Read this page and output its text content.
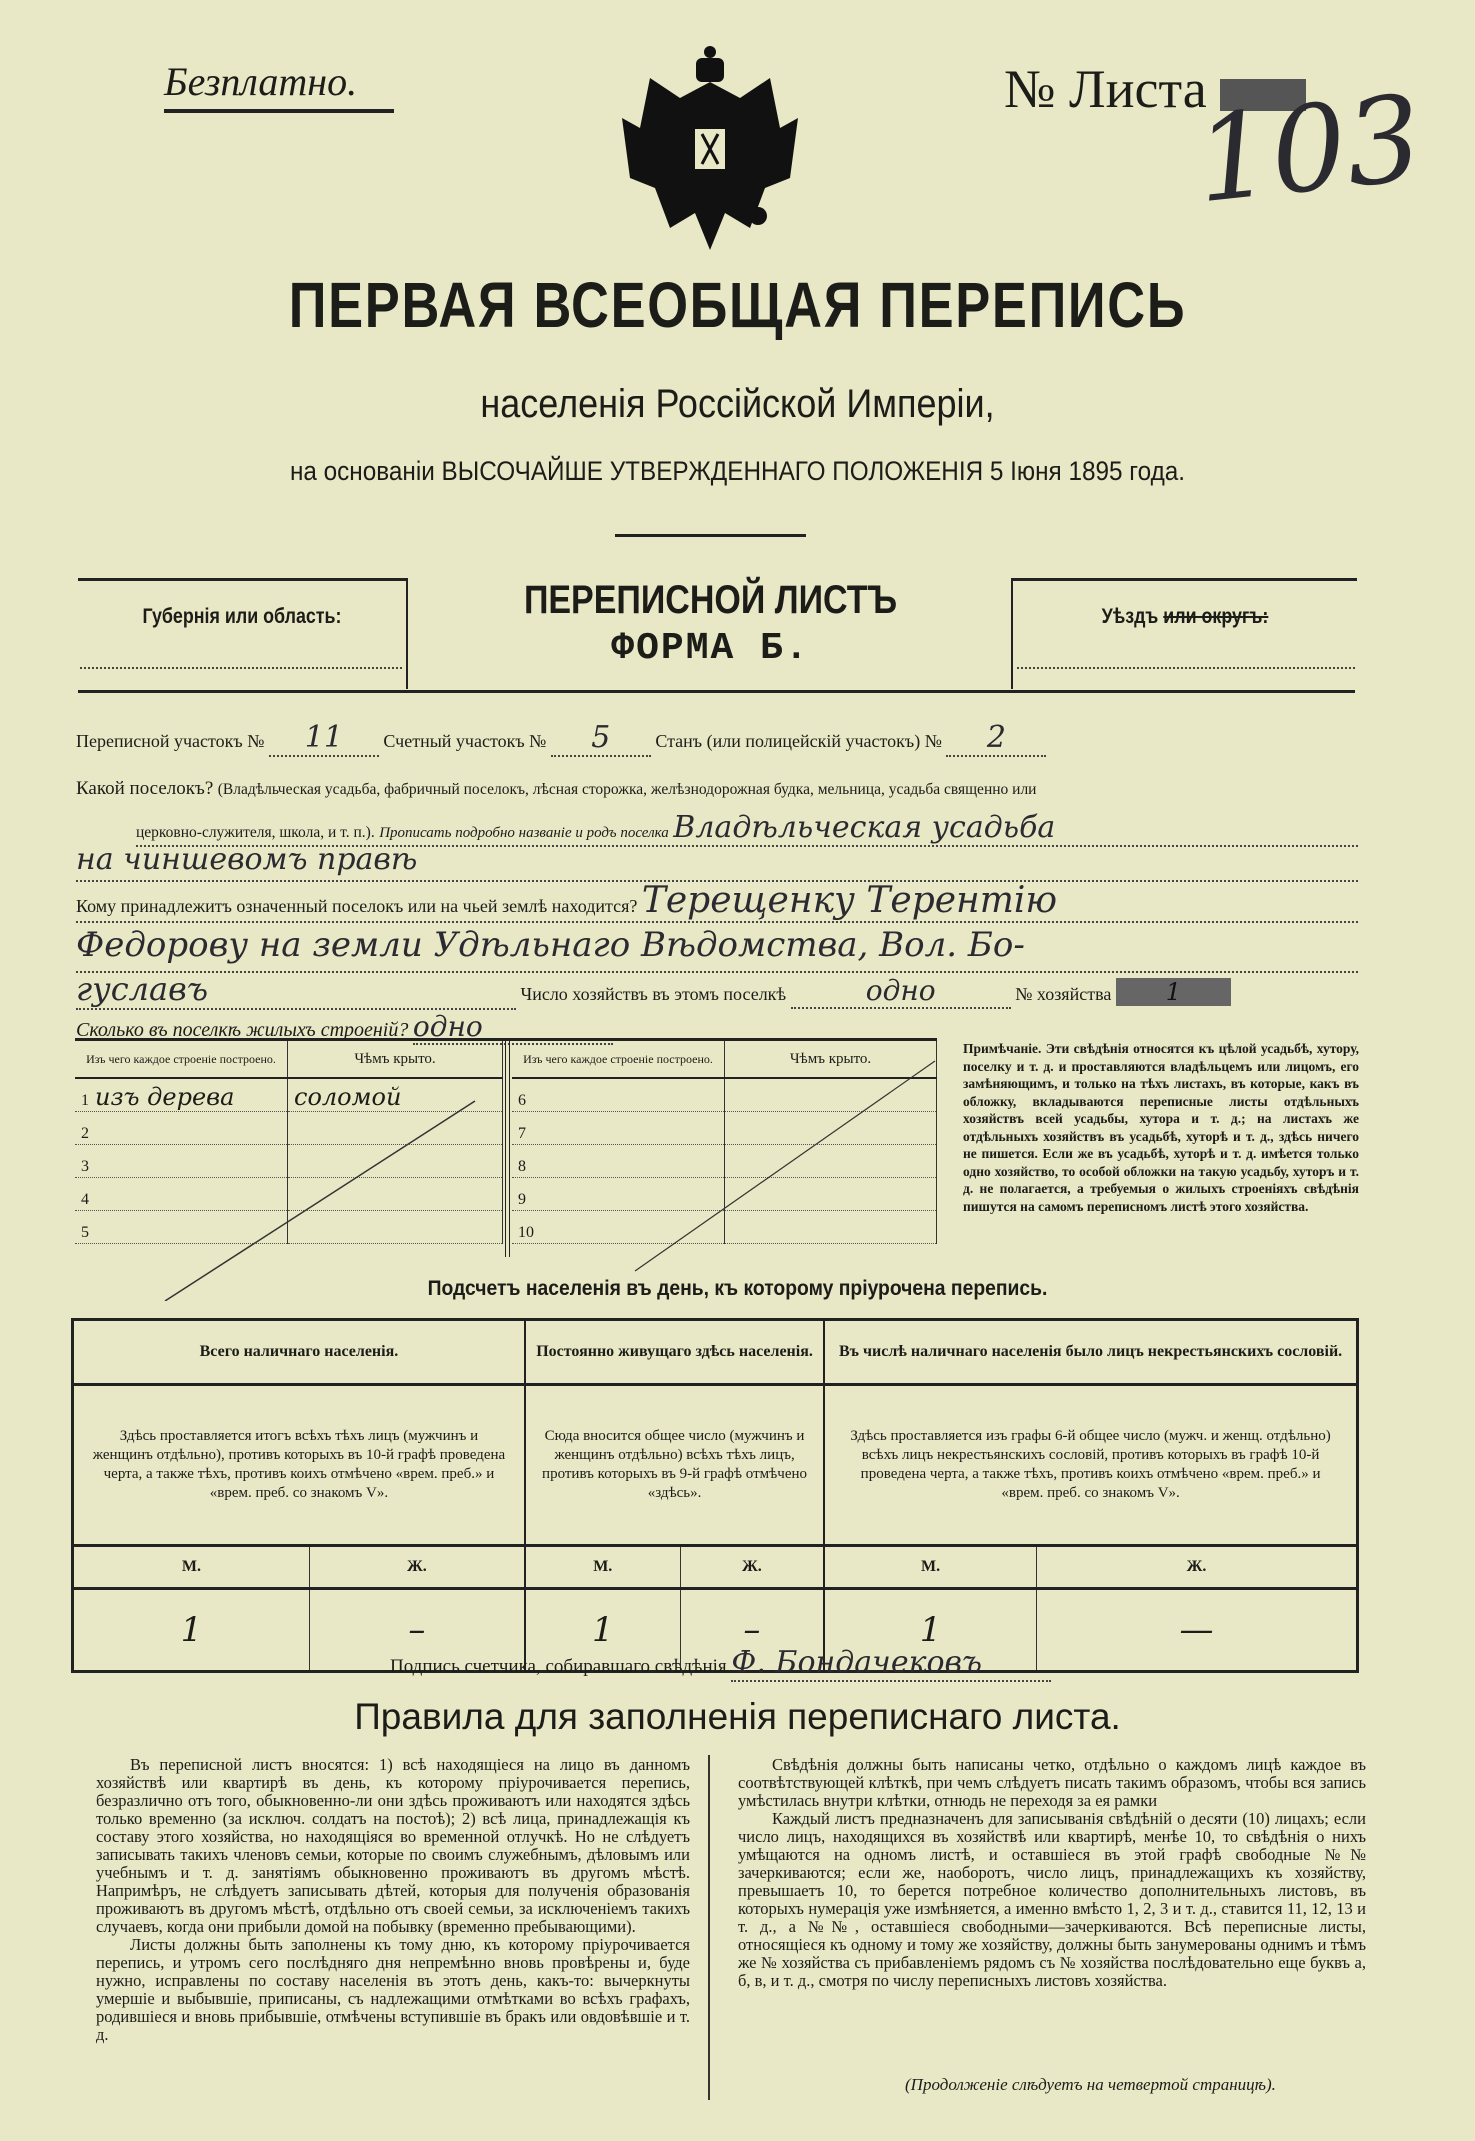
Безплатно.	№ Листа
103
ПЕРВАЯ ВСЕОБЩАЯ ПЕРЕПИСЬ
населенія Россійской Имперіи,
на основаніи ВЫСОЧАЙШЕ УТВЕРЖДЕННАГО ПОЛОЖЕНІЯ 5 Іюня 1895 года.
Губернія или область:	ПЕРЕПИСНОЙ ЛИСТЪ
ФОРМА Б.
Уѣздъ или округъ:
Переписной участокъ № 11 Счетный участокъ № 5 Станъ (или полицейскій участокъ) № 2
Какой поселокъ? (Владѣльческая усадьба, фабричный поселокъ, лѣсная сторожка, желѣзнодорожная будка, мельница, усадьба священно или
церковно-служителя, школа, и т. п.). Прописать подробно названіе и родъ поселка Владѣльческая усадьба
на чиншевомъ правѣ
Кому принадлежитъ означенный поселокъ или на чьей землѣ находится? Терещенку Терентію
Федорову на земли Удѣльнаго Вѣдомства, Вол. Бо-
гуславъ	Число хозяйствъ въ этомъ поселкѣ	одно	№ хозяйства 1
Сколько въ поселкѣ жилыхъ строеній? одно
Изъ чего каждое строеніе построено.	Чѣмъ крыто.
1 изъ дерева	соломой
2	
3	
4	
5	
Изъ чего каждое строеніе построено.	Чѣмъ крыто.
6	
7	
8	
9	
10	
Примѣчаніе. Эти свѣдѣнія относятся къ цѣлой усадьбѣ, хутору, поселку и т. д. и проставляются владѣльцемъ или лицомъ, его замѣняющимъ, и только на тѣхъ листахъ, въ которые, какъ въ обложку, вкладываются переписные листы отдѣльныхъ хозяйствъ всей усадьбы, хутора и т. д.; на листахъ же отдѣльныхъ хозяйствъ въ усадьбѣ, хуторѣ и т. д., здѣсь ничего не пишется. Если же въ усадьбѣ, хуторѣ и т. д. имѣется только одно хозяйство, то особой обложки на такую усадьбу, хуторъ и т. д. не полагается, а требуемыя о жилыхъ строеніяхъ свѣдѣнія пишутся на самомъ переписномъ листѣ этого хозяйства.
Подсчетъ населенія въ день, къ которому пріурочена перепись.
Всего наличнаго населенія.		Постоянно живущаго здѣсь населенія.		Въ числѣ наличнаго населенія было лицъ некрестьянскихъ сословій.	
Здѣсь проставляется итогъ всѣхъ тѣхъ лицъ (мужчинъ и женщинъ отдѣльно), противъ которыхъ въ 10-й графѣ проведена черта, а также тѣхъ, противъ коихъ отмѣчено «врем. преб.» и «врем. преб. со знакомъ V».		Сюда вносится общее число (мужчинъ и женщинъ отдѣльно) всѣхъ тѣхъ лицъ, противъ которыхъ въ 9-й графѣ отмѣчено «здѣсь».		Здѣсь проставляется изъ графы 6-й общее число (мужч. и женщ. отдѣльно) всѣхъ лицъ некрестьянскихъ сословій, противъ которыхъ въ графѣ 10-й проведена черта, а также тѣхъ, противъ коихъ отмѣчено «врем. преб.» и «врем. преб. со знакомъ V».	
М.	Ж.	М.	Ж.	М.	Ж.
1	–	1	–	1	—
Подпись счетчика, собиравшаго свѣдѣнія Ф. Бондачековъ
Правила для заполненія переписнаго листа.

Въ переписной листъ вносятся: 1) всѣ находящіеся на лицо въ данномъ хозяйствѣ или квартирѣ въ день, къ которому пріурочивается перепись, безразлично отъ того, обыкновенно-ли они здѣсь проживаютъ или находятся здѣсь только временно (за исключ. солдатъ на постоѣ); 2) всѣ лица, принадлежащія къ составу этого хозяйства, но находящіяся во временной отлучкѣ. Но не слѣдуетъ записывать такихъ членовъ семьи, которые по своимъ служебнымъ, дѣловымъ или учебнымъ и т. д. занятіямъ обыкновенно проживаютъ въ другомъ мѣстѣ. Напримѣръ, не слѣдуетъ записывать дѣтей, которыя для полученія образованія проживаютъ въ другомъ мѣстѣ, отдѣльно отъ своей семьи, за исключеніемъ такихъ случаевъ, когда они прибыли домой на побывку (временно пребывающими).

Листы должны быть заполнены къ тому дню, къ которому пріурочивается перепись, и утромъ сего послѣдняго дня непремѣнно вновь провѣрены и, буде нужно, исправлены по составу населенія въ этотъ день, какъ-то: вычеркнуты умершіе и выбывшіе, приписаны, съ надлежащими отмѣтками во всѣхъ графахъ, родившіеся и вновь прибывшіе, отмѣчены вступившіе въ бракъ или овдовѣвшіе и т. д.

Свѣдѣнія должны быть написаны четко, отдѣльно о каждомъ лицѣ каждое въ соотвѣтствующей клѣткѣ, при чемъ слѣдуетъ писать такимъ образомъ, чтобы вся запись умѣстилась внутри клѣтки, отнюдь не переходя за ея рамки

Каждый листъ предназначенъ для записыванія свѣдѣній о десяти (10) лицахъ; если число лицъ, находящихся въ хозяйствѣ или квартирѣ, менѣе 10, то свѣдѣнія о нихъ умѣщаются на одномъ листѣ, и оставшіеся въ этой графѣ свободные №№ зачеркиваются; если же, наоборотъ, число лицъ, принадлежащихъ къ хозяйству, превышаетъ 10, то берется потребное количество дополнительныхъ листовъ, въ которыхъ нумерація уже измѣняется, а именно вмѣсто 1, 2, 3 и т. д., ставится 11, 12, 13 и т. д., а №№, оставшіеся свободными—зачеркиваются. Всѣ переписные листы, относящіеся къ одному и тому же хозяйству, должны быть занумерованы однимъ и тѣмъ же № хозяйства съ прибавленіемъ рядомъ съ № хозяйства послѣдовательно еще буквъ а, б, в, и т. д., смотря по числу переписныхъ листовъ хозяйства.

(Продолженіе слѣдуетъ на четвертой страницѣ).
